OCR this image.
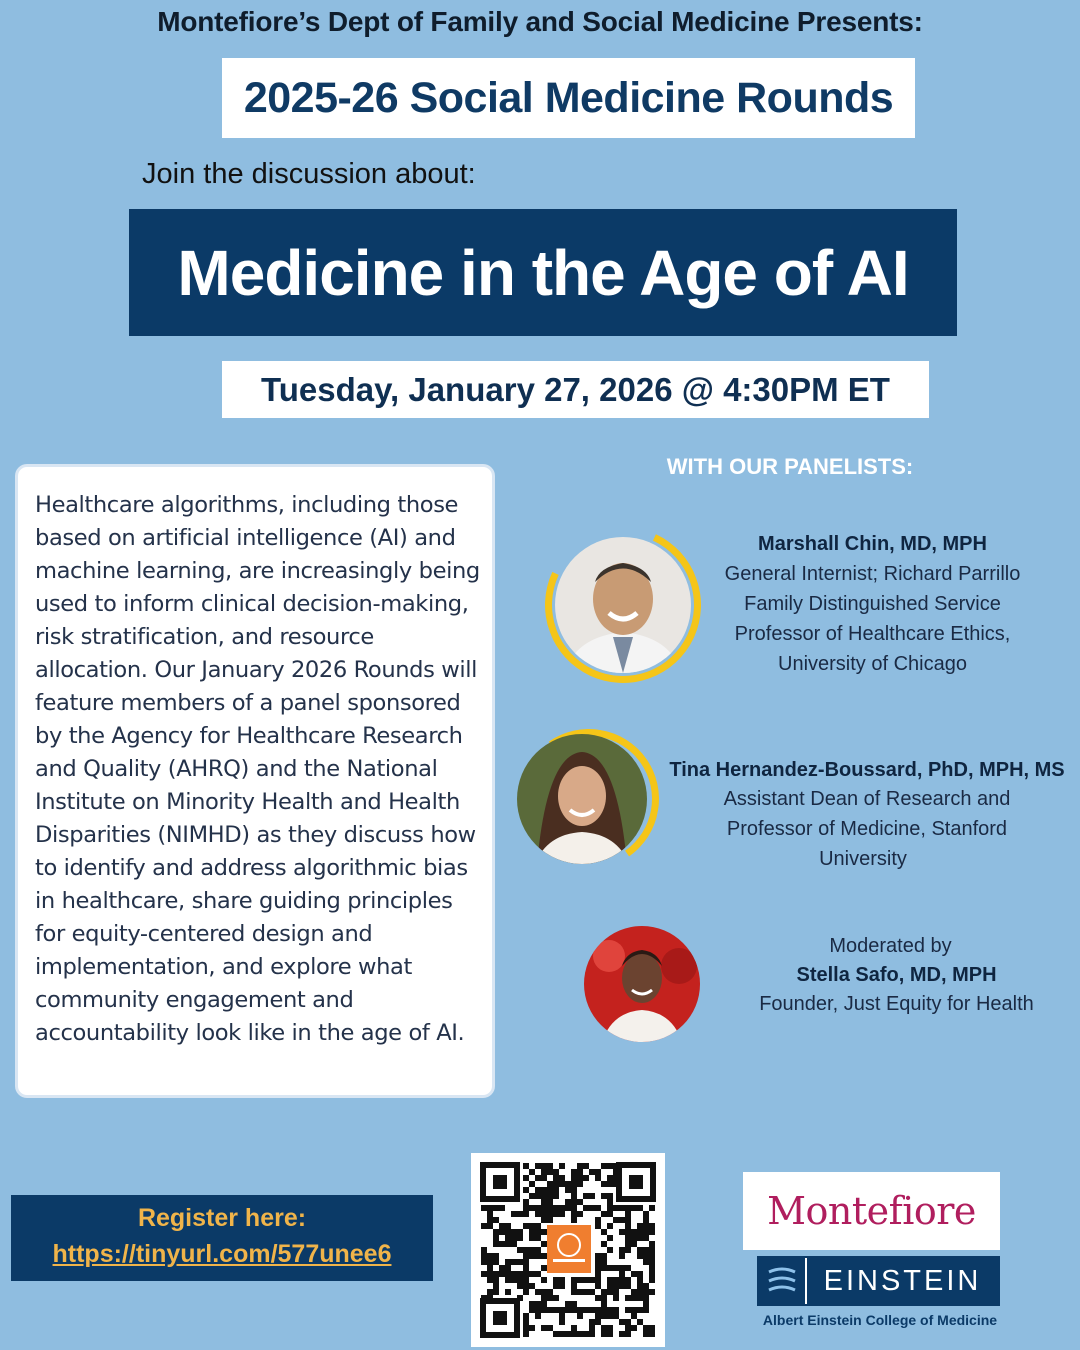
Montefiore’s Dept of Family and Social Medicine Presents:
2025-26 Social Medicine Rounds
Join the discussion about:
Medicine in the Age of AI
Tuesday, January 27, 2026 @ 4:30PM ET

Healthcare algorithms, including those based on artificial intelligence (AI) and machine learning, are increasingly being used to inform clinical decision-making, risk stratification, and resource allocation. Our January 2026 Rounds will feature members of a panel sponsored by the Agency for Healthcare Research and Quality (AHRQ) and the National Institute on Minority Health and Health Disparities (NIMHD) as they discuss how to identify and address algorithmic bias in healthcare, share guiding principles for equity-centered design and implementation, and explore what community engagement and accountability look like in the age of AI.

WITH OUR PANELISTS:
Marshall Chin, MD, MPH
General Internist; Richard Parrillo
Family Distinguished Service
Professor of Healthcare Ethics,
University of Chicago
Tina Hernandez-Boussard, PhD, MPH, MS
Assistant Dean of Research and
Professor of Medicine, Stanford
University
Moderated by
Stella Safo, MD, MPH
Founder, Just Equity for Health
Register here:
https://tinyurl.com/577unee6
Montefiore
EINSTEIN
Albert Einstein College of Medicine
